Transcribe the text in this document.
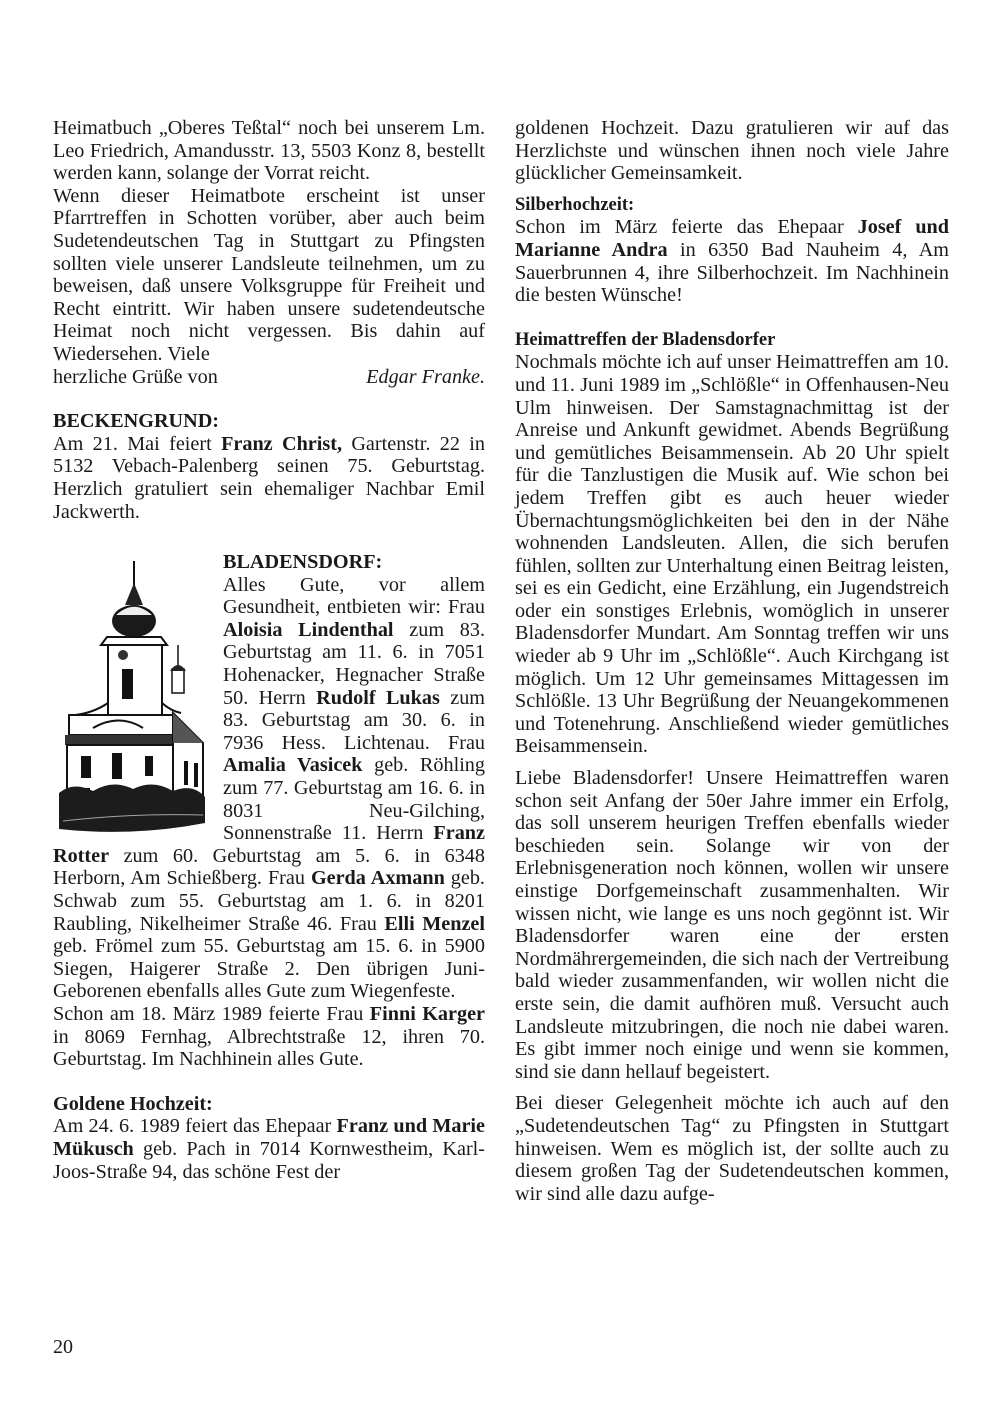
Heimatbuch „Oberes Teßtal“ noch bei unserem Lm. Leo Friedrich, Amandusstr. 13, 5503 Konz 8, bestellt werden kann, solange der Vorrat reicht.

Wenn dieser Heimatbote erscheint ist unser Pfarrtreffen in Schotten vorüber, aber auch beim Sudetendeutschen Tag in Stuttgart zu Pfingsten sollten viele unserer Landsleute teilnehmen, um zu beweisen, daß unsere Volksgruppe für Freiheit und Recht eintritt. Wir haben unsere sudetendeutsche Heimat noch nicht vergessen. Bis dahin auf Wiedersehen. Viele

herzliche Grüße von	Edgar Franke.
BECKENGRUND:

Am 21. Mai feiert Franz Christ, Gartenstr. 22 in 5132 Vebach-Palenberg seinen 75. Geburtstag. Herzlich gratuliert sein ehemaliger Nachbar Emil Jackwerth.

BLADENSDORF:

Alles Gute, vor allem Gesundheit, entbieten wir: Frau Aloisia Lindenthal zum 83. Geburtstag am 11. 6. in 7051 Hohenacker, Hegnacher Straße 50. Herrn Rudolf Lukas zum 83. Geburtstag am 30. 6. in 7936 Hess. Lichtenau. Frau Amalia Vasicek geb. Röhling zum 77. Geburtstag am 16. 6. in 8031 Neu-Gilching, Sonnenstraße 11. Herrn Franz Rotter zum 60. Geburtstag am 5. 6. in 6348 Herborn, Am Schießberg. Frau Gerda Axmann geb. Schwab zum 55. Geburtstag am 1. 6. in 8201 Raubling, Nikelheimer Straße 46. Frau Elli Menzel geb. Frömel zum 55. Geburtstag am 15. 6. in 5900 Siegen, Haigerer Straße 2. Den übrigen Juni-Geborenen ebenfalls alles Gute zum Wiegenfeste.

Schon am 18. März 1989 feierte Frau Finni Karger in 8069 Fernhag, Albrechtstraße 12, ihren 70. Geburtstag. Im Nachhinein alles Gute.

Goldene Hochzeit:

Am 24. 6. 1989 feiert das Ehepaar Franz und Marie Mükusch geb. Pach in 7014 Kornwestheim, Karl-Joos-Straße 94, das schöne Fest der

goldenen Hochzeit. Dazu gratulieren wir auf das Herzlichste und wünschen ihnen noch viele Jahre glücklicher Gemeinsamkeit.

Silberhochzeit:

Schon im März feierte das Ehepaar Josef und Marianne Andra in 6350 Bad Nauheim 4, Am Sauerbrunnen 4, ihre Silberhochzeit. Im Nachhinein die besten Wünsche!

Heimattreffen der Bladensdorfer

Nochmals möchte ich auf unser Heimattreffen am 10. und 11. Juni 1989 im „Schlößle“ in Offenhausen-Neu Ulm hinweisen. Der Samstagnachmittag ist der Anreise und Ankunft gewidmet. Abends Begrüßung und gemütliches Beisammensein. Ab 20 Uhr spielt für die Tanzlustigen die Musik auf. Wie schon bei jedem Treffen gibt es auch heuer wieder Übernachtungsmöglichkeiten bei den in der Nähe wohnenden Landsleuten. Allen, die sich berufen fühlen, sollten zur Unterhaltung einen Beitrag leisten, sei es ein Gedicht, eine Erzählung, ein Jugendstreich oder ein sonstiges Erlebnis, womöglich in unserer Bladensdorfer Mundart. Am Sonntag treffen wir uns wieder ab 9 Uhr im „Schlößle“. Auch Kirchgang ist möglich. Um 12 Uhr gemeinsames Mittagessen im Schlößle. 13 Uhr Begrüßung der Neuangekommenen und Totenehrung. Anschließend wieder gemütliches Beisammensein.

Liebe Bladensdorfer! Unsere Heimattreffen waren schon seit Anfang der 50er Jahre immer ein Erfolg, das soll unserem heurigen Treffen ebenfalls wieder beschieden sein. Solange wir von der Erlebnisgeneration noch können, wollen wir unsere einstige Dorfgemeinschaft zusammenhalten. Wir wissen nicht, wie lange es uns noch gegönnt ist. Wir Bladensdorfer waren eine der ersten Nordmährergemeinden, die sich nach der Vertreibung bald wieder zusammenfanden, wir wollen nicht die erste sein, die damit aufhören muß. Versucht auch Landsleute mitzubringen, die noch nie dabei waren. Es gibt immer noch einige und wenn sie kommen, sind sie dann hellauf begeistert.

Bei dieser Gelegenheit möchte ich auch auf den „Sudetendeutschen Tag“ zu Pfingsten in Stuttgart hinweisen. Wem es möglich ist, der sollte auch zu diesem großen Tag der Sudetendeutschen kommen, wir sind alle dazu aufge-

20
